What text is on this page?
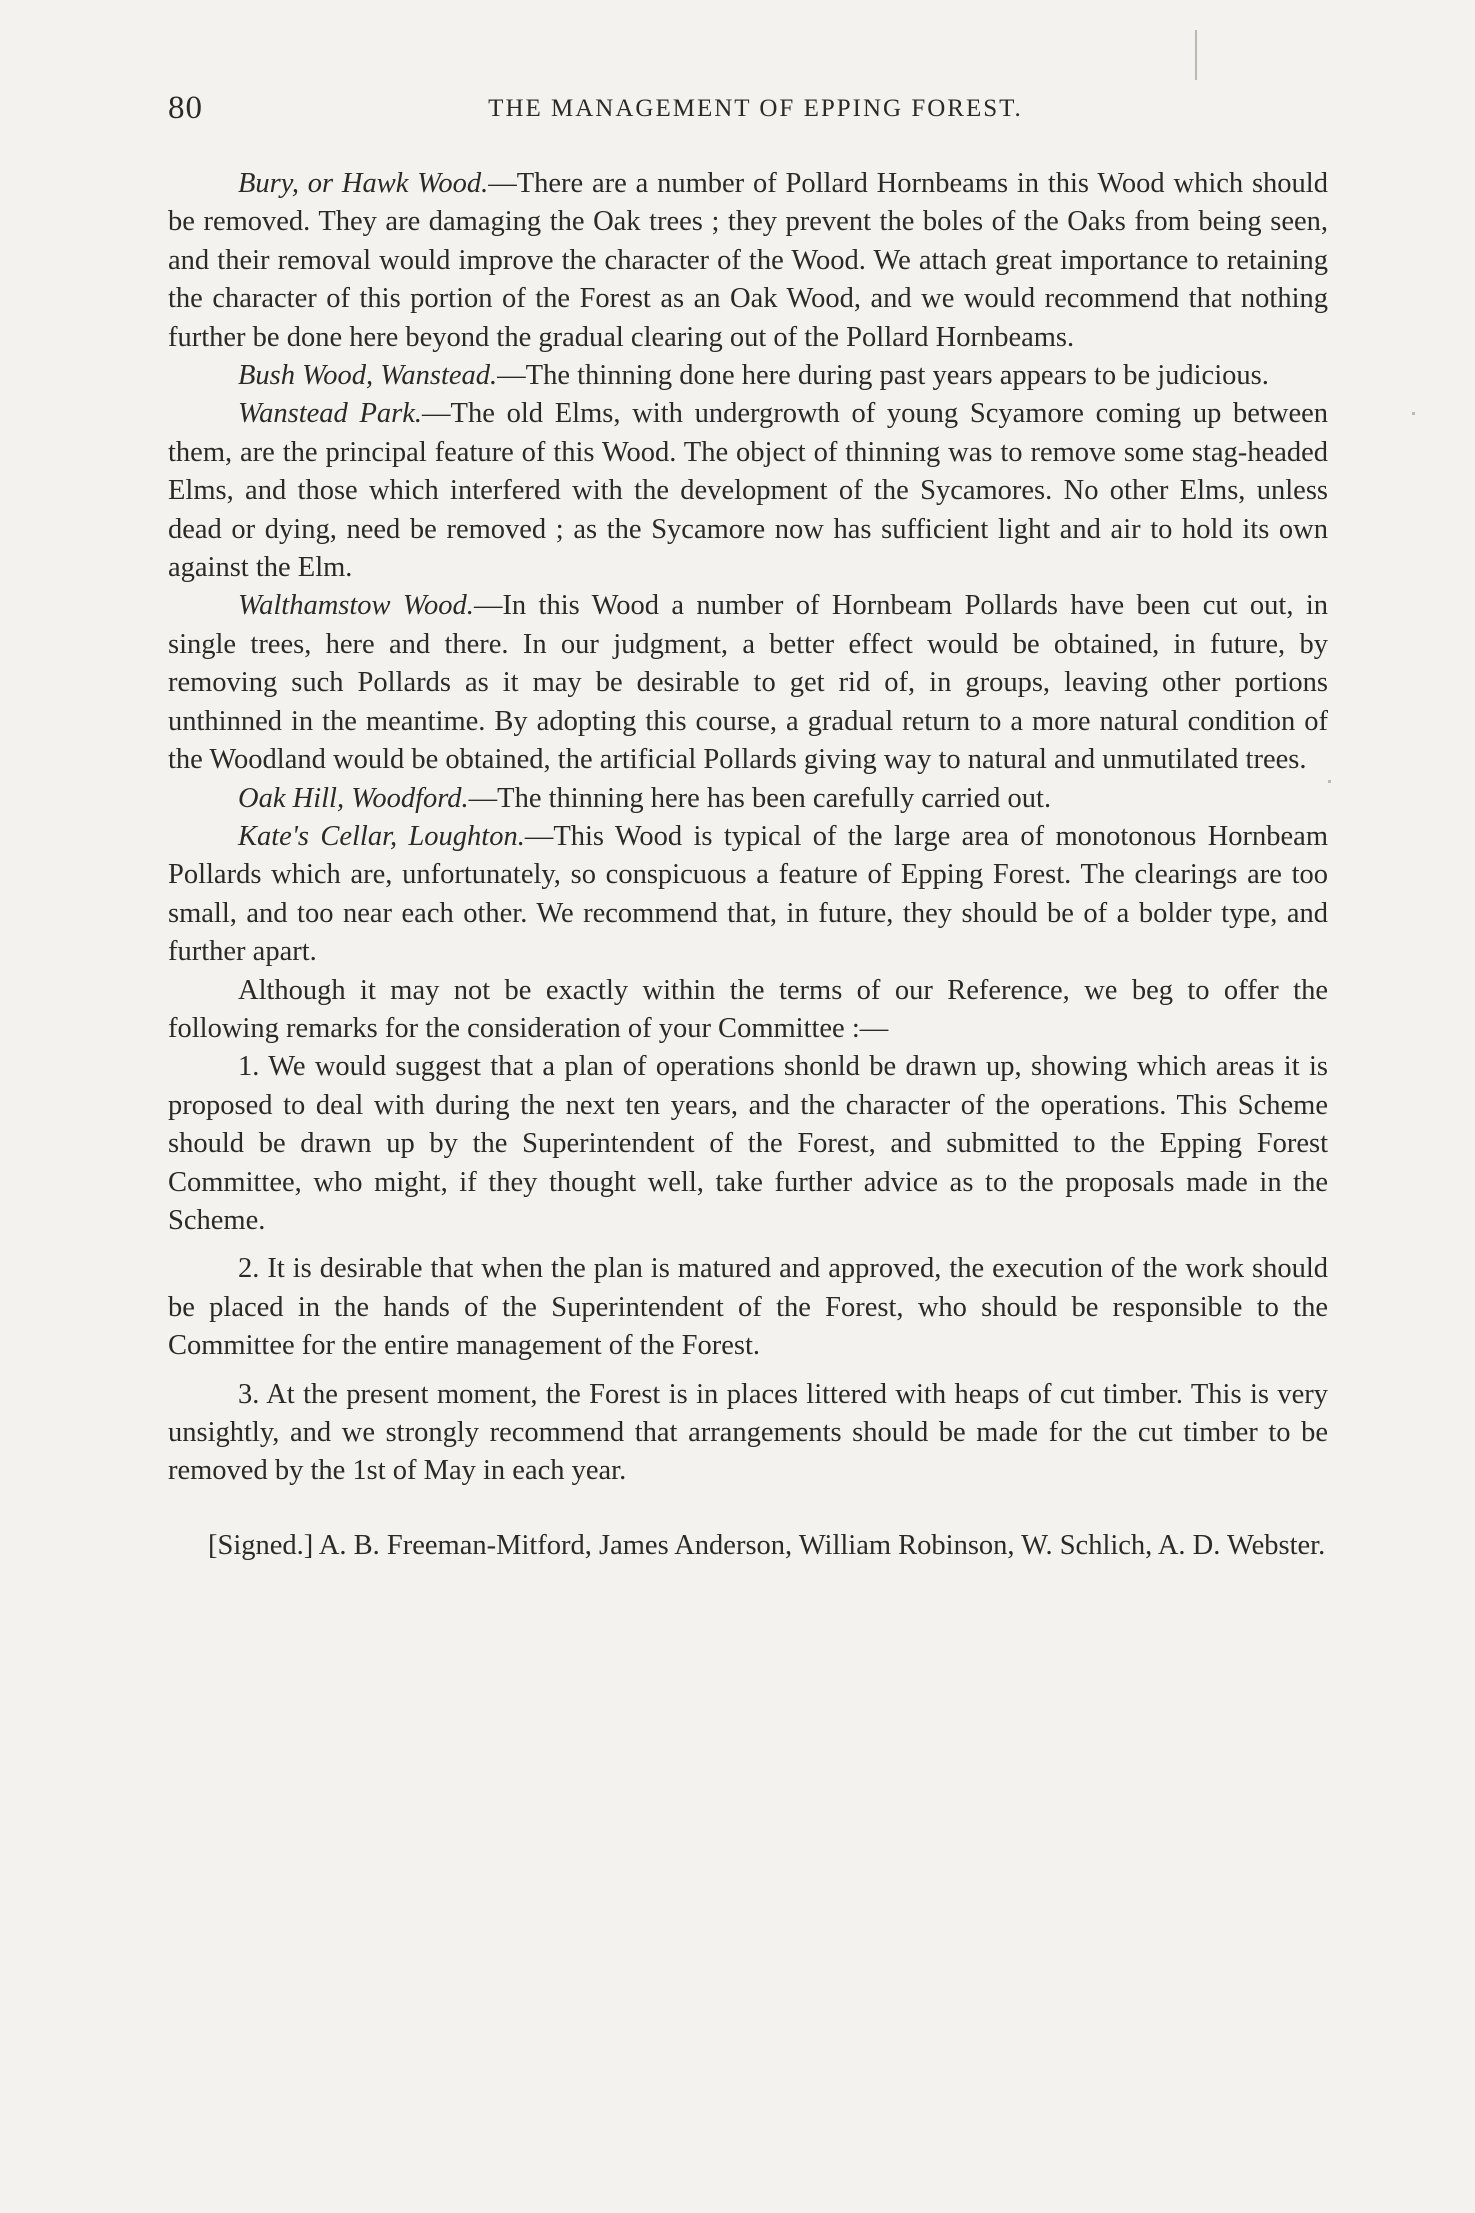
80	THE MANAGEMENT OF EPPING FOREST.

Bury, or Hawk Wood.—There are a number of Pollard Hornbeams in this Wood which should be removed. They are damaging the Oak trees ; they prevent the boles of the Oaks from being seen, and their removal would improve the character of the Wood. We attach great importance to retaining the character of this portion of the Forest as an Oak Wood, and we would recommend that nothing further be done here beyond the gradual clearing out of the Pollard Hornbeams.

Bush Wood, Wanstead.—The thinning done here during past years appears to be judicious.

Wanstead Park.—The old Elms, with undergrowth of young Scyamore coming up between them, are the principal feature of this Wood. The object of thinning was to remove some stag-headed Elms, and those which interfered with the development of the Sycamores. No other Elms, unless dead or dying, need be removed ; as the Sycamore now has sufficient light and air to hold its own against the Elm.

Walthamstow Wood.—In this Wood a number of Hornbeam Pollards have been cut out, in single trees, here and there. In our judgment, a better effect would be obtained, in future, by removing such Pollards as it may be desirable to get rid of, in groups, leaving other portions unthinned in the meantime. By adopting this course, a gradual return to a more natural condition of the Woodland would be obtained, the artificial Pollards giving way to natural and unmutilated trees.

Oak Hill, Woodford.—The thinning here has been carefully carried out.

Kate's Cellar, Loughton.—This Wood is typical of the large area of monotonous Hornbeam Pollards which are, unfortunately, so conspicuous a feature of Epping Forest. The clearings are too small, and too near each other. We recommend that, in future, they should be of a bolder type, and further apart.

Although it may not be exactly within the terms of our Reference, we beg to offer the following remarks for the consideration of your Committee :—

1. We would suggest that a plan of operations shonld be drawn up, showing which areas it is proposed to deal with during the next ten years, and the character of the operations. This Scheme should be drawn up by the Superintendent of the Forest, and submitted to the Epping Forest Committee, who might, if they thought well, take further advice as to the proposals made in the Scheme.

2. It is desirable that when the plan is matured and approved, the execution of the work should be placed in the hands of the Superintendent of the Forest, who should be responsible to the Committee for the entire management of the Forest.

3. At the present moment, the Forest is in places littered with heaps of cut timber. This is very unsightly, and we strongly recommend that arrangements should be made for the cut timber to be removed by the 1st of May in each year.

[Signed.] A. B. Freeman-Mitford, James Anderson, William Robinson, W. Schlich, A. D. Webster.
